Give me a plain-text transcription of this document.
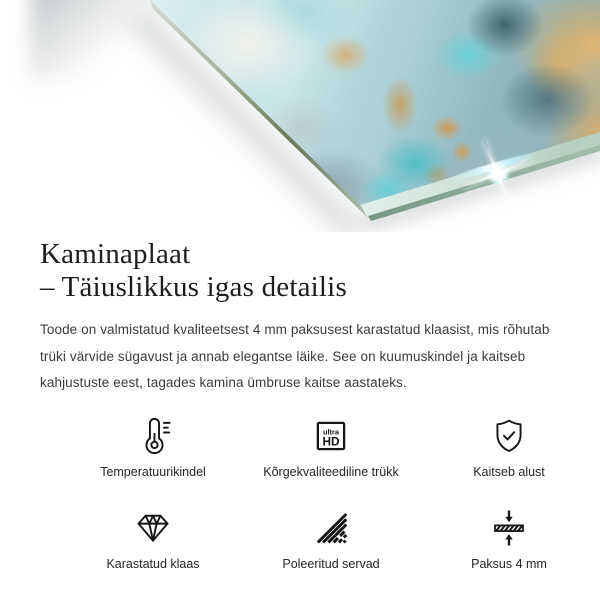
Kaminaplaat
– Täiuslikkus igas detailis

Toode on valmistatud kvaliteetsest 4 mm paksusest karastatud klaasist, mis rõhutab trüki värvide sügavust ja annab elegantse läike. See on kuumuskindel ja kaitseb kahjustuste eest, tagades kamina ümbruse kaitse aastateks.

Temperatuurikindel
ultra
HD
Kõrgekvaliteediline trükk	Kaitseb alust
Karastatud klaas	Poleeritud servad	Paksus 4 mm
